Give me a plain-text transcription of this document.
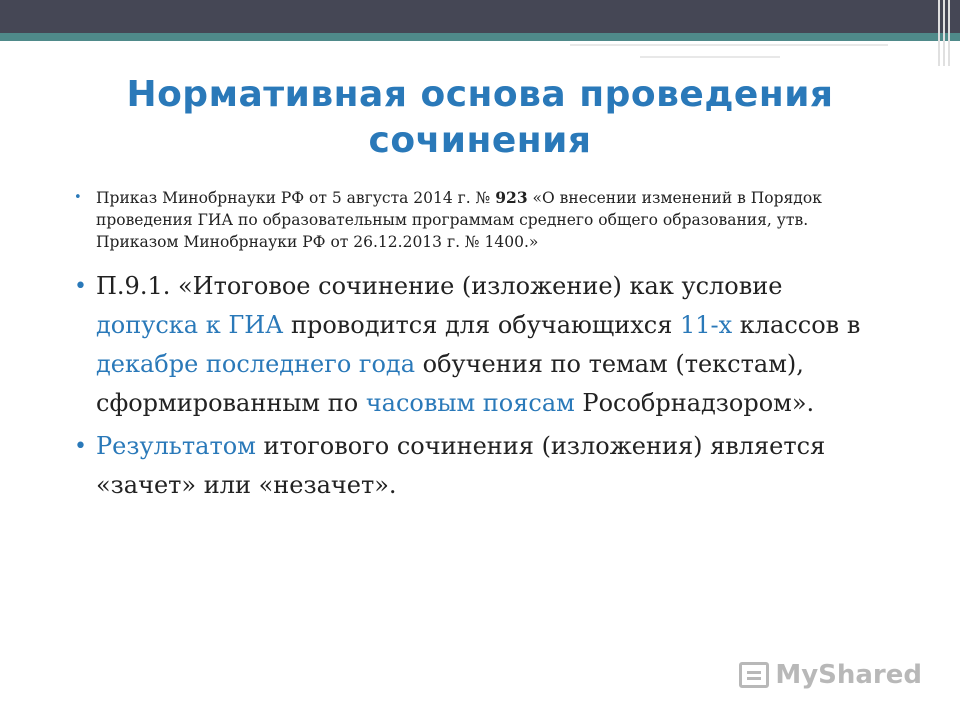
Нормативная основа проведения
сочинения
• Приказ Минобрнауки РФ от 5 августа 2014 г. № 923 «О внесении изменений в Порядок проведения ГИА по образовательным программам среднего общего образования, утв. Приказом Минобрнауки РФ от 26.12.2013 г. № 1400.»
• П.9.1. «Итоговое сочинение (изложение) как условие допуска к ГИА проводится для обучающихся 11-х классов в декабре последнего года обучения по темам (текстам), сформированным по часовым поясам Рособрнадзором».
• Результатом итогового сочинения (изложения) является «зачет» или «незачет».
MyShared
